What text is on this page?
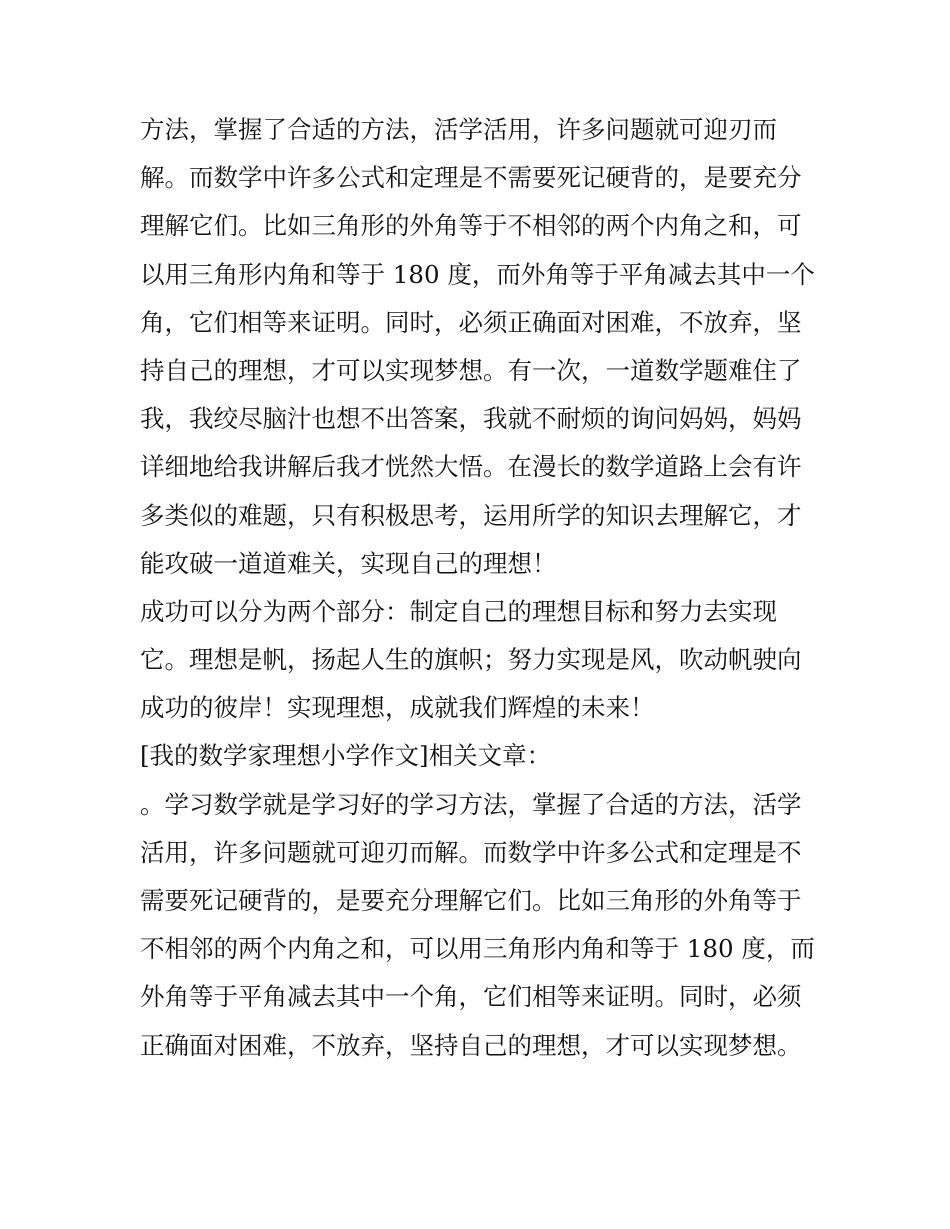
方法，掌握了合适的方法，活学活用，许多问题就可迎刃而
解。而数学中许多公式和定理是不需要死记硬背的，是要充分
理解它们。比如三角形的外角等于不相邻的两个内角之和，可
以用三角形内角和等于 180 度，而外角等于平角减去其中一个
角，它们相等来证明。同时，必须正确面对困难，不放弃，坚
持自己的理想，才可以实现梦想。有一次，一道数学题难住了
我，我绞尽脑汁也想不出答案，我就不耐烦的询问妈妈，妈妈
详细地给我讲解后我才恍然大悟。在漫长的数学道路上会有许
多类似的难题，只有积极思考，运用所学的知识去理解它，才
能攻破一道道难关，实现自己的理想！
成功可以分为两个部分：制定自己的理想目标和努力去实现
它。理想是帆，扬起人生的旗帜；努力实现是风，吹动帆驶向
成功的彼岸！实现理想，成就我们辉煌的未来！
[我的数学家理想小学作文]相关文章：
。学习数学就是学习好的学习方法，掌握了合适的方法，活学
活用，许多问题就可迎刃而解。而数学中许多公式和定理是不
需要死记硬背的，是要充分理解它们。比如三角形的外角等于
不相邻的两个内角之和，可以用三角形内角和等于 180 度，而
外角等于平角减去其中一个角，它们相等来证明。同时，必须
正确面对困难，不放弃，坚持自己的理想，才可以实现梦想。
